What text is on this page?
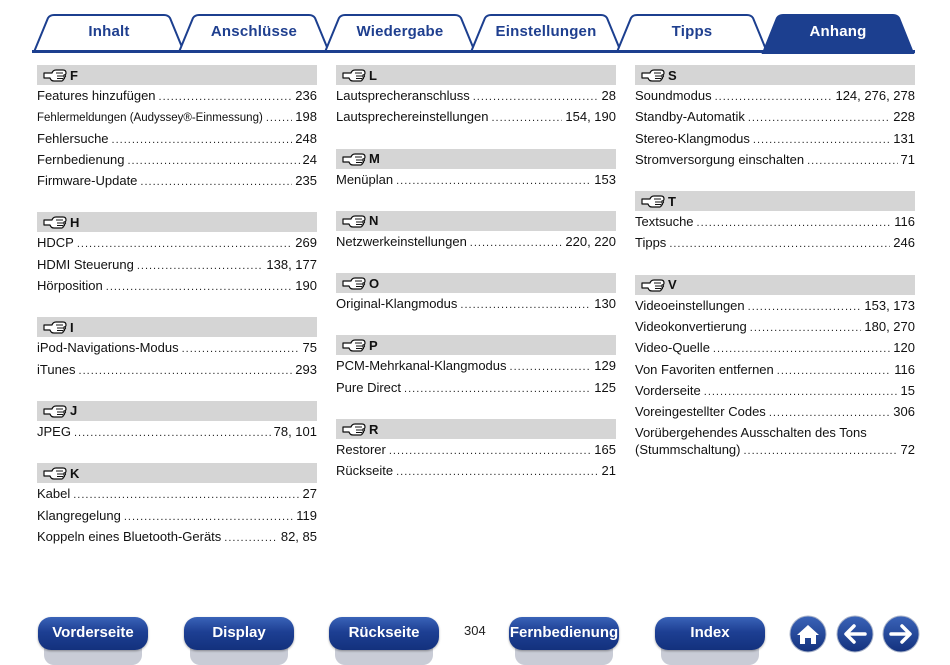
Inhalt	Anschlüsse	Wiedergabe	Einstellungen	Tipps	Anhang
F
Features hinzufügen .....	236
Fehlermeldungen (Audyssey®-Einmessung) ..... 198
Fehlersuche .....	248
Fernbedienung .....	24
Firmware-Update .....	235
H
HDCP .....	269
HDMI Steuerung .....	138, 177
Hörposition .....	190
I
iPod-Navigations-Modus .....	75
iTunes .....	293
J
JPEG .....	78, 101
K
Kabel .....	27
Klangregelung .....	119
Koppeln eines Bluetooth-Geräts .....	82, 85
L
Lautsprecheranschluss .....	28
Lautsprechereinstellungen .....	154, 190
M
Menüplan .....	153
N
Netzwerkeinstellungen .....	220, 220
O
Original-Klangmodus .....	130
P
PCM-Mehrkanal-Klangmodus .....	129
Pure Direct .....	125
R
Restorer .....	165
Rückseite .....	21
S
Soundmodus .....	124, 276, 278
Standby-Automatik .....	228
Stereo-Klangmodus .....	131
Stromversorgung einschalten .....	71
T
Textsuche .....	116
Tipps .....	246
V
Videoeinstellungen .....	153, 173
Videokonvertierung .....	180, 270
Video-Quelle .....	120
Von Favoriten entfernen .....	116
Vorderseite .....	15
Voreingestellter Codes .....	306
Vorübergehendes Ausschalten des Tons
(Stummschaltung) .....	72
Vorderseite	Display	Rückseite	304 Fernbedienung	Index
